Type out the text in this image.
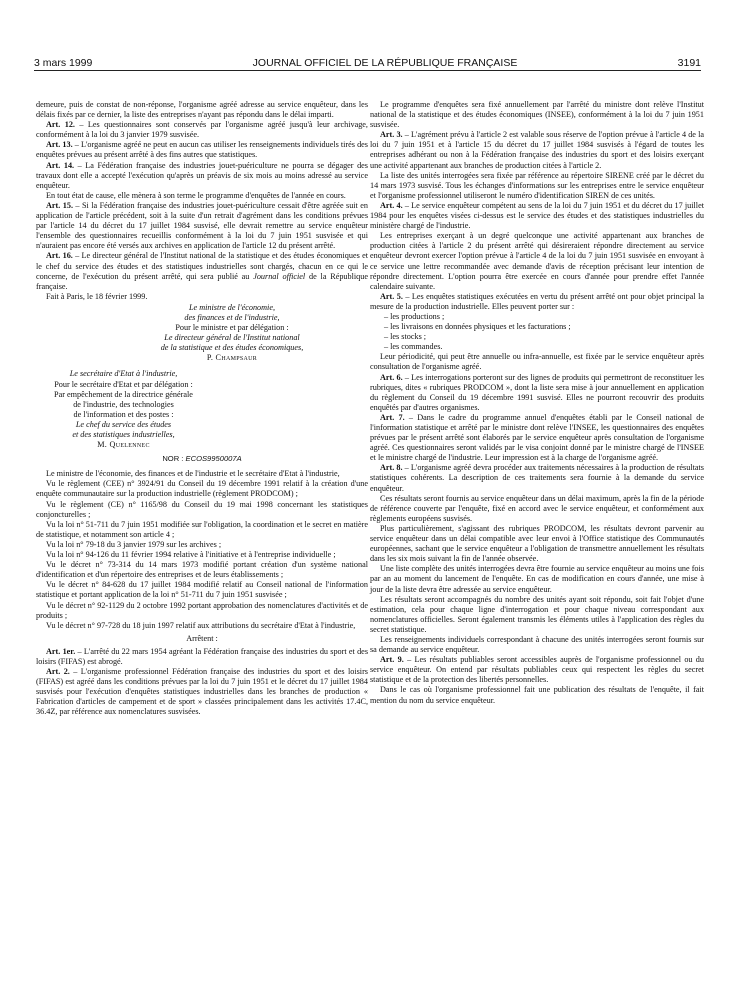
3 mars 1999	JOURNAL OFFICIEL DE LA RÉPUBLIQUE FRANÇAISE	3191

demeure, puis de constat de non-réponse, l'organisme agréé adresse au service enquêteur, dans les délais fixés par ce dernier, la liste des entreprises n'ayant pas répondu dans le délai imparti.

Art. 12. – Les questionnaires sont conservés par l'organisme agréé jusqu'à leur archivage, conformément à la loi du 3 janvier 1979 susvisée.

Art. 13. – L'organisme agréé ne peut en aucun cas utiliser les renseignements individuels tirés des enquêtes prévues au présent arrêté à des fins autres que statistiques.

Art. 14. – La Fédération française des industries jouet-puériculture ne pourra se dégager des travaux dont elle a accepté l'exécution qu'après un préavis de six mois au moins adressé au service enquêteur.

En tout état de cause, elle mènera à son terme le programme d'enquêtes de l'année en cours.

Art. 15. – Si la Fédération française des industries jouet-puériculture cessait d'être agréée suit en application de l'article précédent, soit à la suite d'un retrait d'agrément dans les conditions prévues par l'article 14 du décret du 17 juillet 1984 susvisé, elle devrait remettre au service enquêteur l'ensemble des questionnaires recueillis conformément à la loi du 7 juin 1951 susvisée et qui n'auraient pas encore été versés aux archives en application de l'article 12 du présent arrêté.

Art. 16. – Le directeur général de l'Institut national de la statistique et des études économiques et le chef du service des études et des statistiques industrielles sont chargés, chacun en ce qui le concerne, de l'exécution du présent arrêté, qui sera publié au Journal officiel de la République française.

Fait à Paris, le 18 février 1999.

Le ministre de l'économie,

des finances et de l'industrie,

Pour le ministre et par délégation :

Le directeur général de l'Institut national

de la statistique et des études économiques,

P. Champsaur

Le secrétaire d'Etat à l'industrie,

Pour le secrétaire d'Etat et par délégation :

Par empêchement de la directrice générale

de l'industrie, des technologies

de l'information et des postes :

Le chef du service des études

et des statistiques industrielles,

M. Quelennec

NOR : ECOS9950007A

Le ministre de l'économie, des finances et de l'industrie et le secrétaire d'Etat à l'industrie,

Vu le règlement (CEE) n° 3924/91 du Conseil du 19 décembre 1991 relatif à la création d'une enquête communautaire sur la production industrielle (règlement PRODCOM) ;

Vu le règlement (CE) n° 1165/98 du Conseil du 19 mai 1998 concernant les statistiques conjoncturelles ;

Vu la loi n° 51-711 du 7 juin 1951 modifiée sur l'obligation, la coordination et le secret en matière de statistique, et notamment son article 4 ;

Vu la loi n° 79-18 du 3 janvier 1979 sur les archives ;

Vu la loi n° 94-126 du 11 février 1994 relative à l'initiative et à l'entreprise individuelle ;

Vu le décret n° 73-314 du 14 mars 1973 modifié portant création d'un système national d'identification et d'un répertoire des entreprises et de leurs établissements ;

Vu le décret n° 84-628 du 17 juillet 1984 modifié relatif au Conseil national de l'information statistique et portant application de la loi n° 51-711 du 7 juin 1951 susvisée ;

Vu le décret n° 92-1129 du 2 octobre 1992 portant approbation des nomenclatures d'activités et de produits ;

Vu le décret n° 97-728 du 18 juin 1997 relatif aux attributions du secrétaire d'Etat à l'industrie,

Arrêtent :

Art. 1er. – L'arrêté du 22 mars 1954 agréant la Fédération française des industries du sport et des loisirs (FIFAS) est abrogé.

Art. 2. – L'organisme professionnel Fédération française des industries du sport et des loisirs (FIFAS) est agréé dans les conditions prévues par la loi du 7 juin 1951 et le décret du 17 juillet 1984 susvisés pour l'exécution d'enquêtes statistiques industrielles dans les branches de production « Fabrication d'articles de campement et de sport » classées principalement dans les activités 17.4C, 36.4Z, par référence aux nomenclatures susvisées.

Le programme d'enquêtes sera fixé annuellement par l'arrêté du ministre dont relève l'Institut national de la statistique et des études économiques (INSEE), conformément à la loi du 7 juin 1951 susvisée.

Art. 3. – L'agrément prévu à l'article 2 est valable sous réserve de l'option prévue à l'article 4 de la loi du 7 juin 1951 et à l'article 15 du décret du 17 juillet 1984 susvisés à l'égard de toutes les entreprises adhérant ou non à la Fédération française des industries du sport et des loisirs exerçant une activité appartenant aux branches de production citées à l'article 2.

La liste des unités interrogées sera fixée par référence au répertoire SIRENE créé par le décret du 14 mars 1973 susvisé. Tous les échanges d'informations sur les entreprises entre le service enquêteur et l'organisme professionnel utiliseront le numéro d'identification SIREN de ces unités.

Art. 4. – Le service enquêteur compétent au sens de la loi du 7 juin 1951 et du décret du 17 juillet 1984 pour les enquêtes visées ci-dessus est le service des études et des statistiques industrielles du ministère chargé de l'industrie.

Les entreprises exerçant à un degré quelconque une activité appartenant aux branches de production citées à l'article 2 du présent arrêté qui désireraient répondre directement au service enquêteur devront exercer l'option prévue à l'article 4 de la loi du 7 juin 1951 susvisée en envoyant à ce service une lettre recommandée avec demande d'avis de réception précisant leur intention de répondre directement. L'option pourra être exercée en cours d'année pour prendre effet l'année calendaire suivante.

Art. 5. – Les enquêtes statistiques exécutées en vertu du présent arrêté ont pour objet principal la mesure de la production industrielle. Elles peuvent porter sur :

– les productions ;

– les livraisons en données physiques et les facturations ;

– les stocks ;

– les commandes.

Leur périodicité, qui peut être annuelle ou infra-annuelle, est fixée par le service enquêteur après consultation de l'organisme agréé.

Art. 6. – Les interrogations porteront sur des lignes de produits qui permettront de reconstituer les rubriques, dites « rubriques PRODCOM », dont la liste sera mise à jour annuellement en application du règlement du Conseil du 19 décembre 1991 susvisé. Elles ne pourront recouvrir des produits enquêtés par d'autres organismes.

Art. 7. – Dans le cadre du programme annuel d'enquêtes établi par le Conseil national de l'information statistique et arrêté par le ministre dont relève l'INSEE, les questionnaires des enquêtes prévues par le présent arrêté sont élaborés par le service enquêteur après consultation de l'organisme agréé. Ces questionnaires seront validés par le visa conjoint donné par le ministre chargé de l'INSEE et le ministre chargé de l'industrie. Leur impression est à la charge de l'organisme agréé.

Art. 8. – L'organisme agréé devra procéder aux traitements nécessaires à la production de résultats statistiques cohérents. La description de ces traitements sera fournie à la demande du service enquêteur.

Ces résultats seront fournis au service enquêteur dans un délai maximum, après la fin de la période de référence couverte par l'enquête, fixé en accord avec le service enquêteur, et conformément aux règlements européens susvisés.

Plus particulièrement, s'agissant des rubriques PRODCOM, les résultats devront parvenir au service enquêteur dans un délai compatible avec leur envoi à l'Office statistique des Communautés européennes, sachant que le service enquêteur a l'obligation de transmettre annuellement les résultats dans les six mois suivant la fin de l'année observée.

Une liste complète des unités interrogées devra être fournie au service enquêteur au moins une fois par an au moment du lancement de l'enquête. En cas de modification en cours d'année, une mise à jour de la liste devra être adressée au service enquêteur.

Les résultats seront accompagnés du nombre des unités ayant soit répondu, soit fait l'objet d'une estimation, cela pour chaque ligne d'interrogation et pour chaque niveau correspondant aux nomenclatures officielles. Seront également transmis les éléments utiles à l'application des règles du secret statistique.

Les renseignements individuels correspondant à chacune des unités interrogées seront fournis sur sa demande au service enquêteur.

Art. 9. – Les résultats publiables seront accessibles auprès de l'organisme professionnel ou du service enquêteur. On entend par résultats publiables ceux qui respectent les règles du secret statistique et de la protection des libertés personnelles.

Dans le cas où l'organisme professionnel fait une publication des résultats de l'enquête, il fait mention du nom du service enquêteur.
